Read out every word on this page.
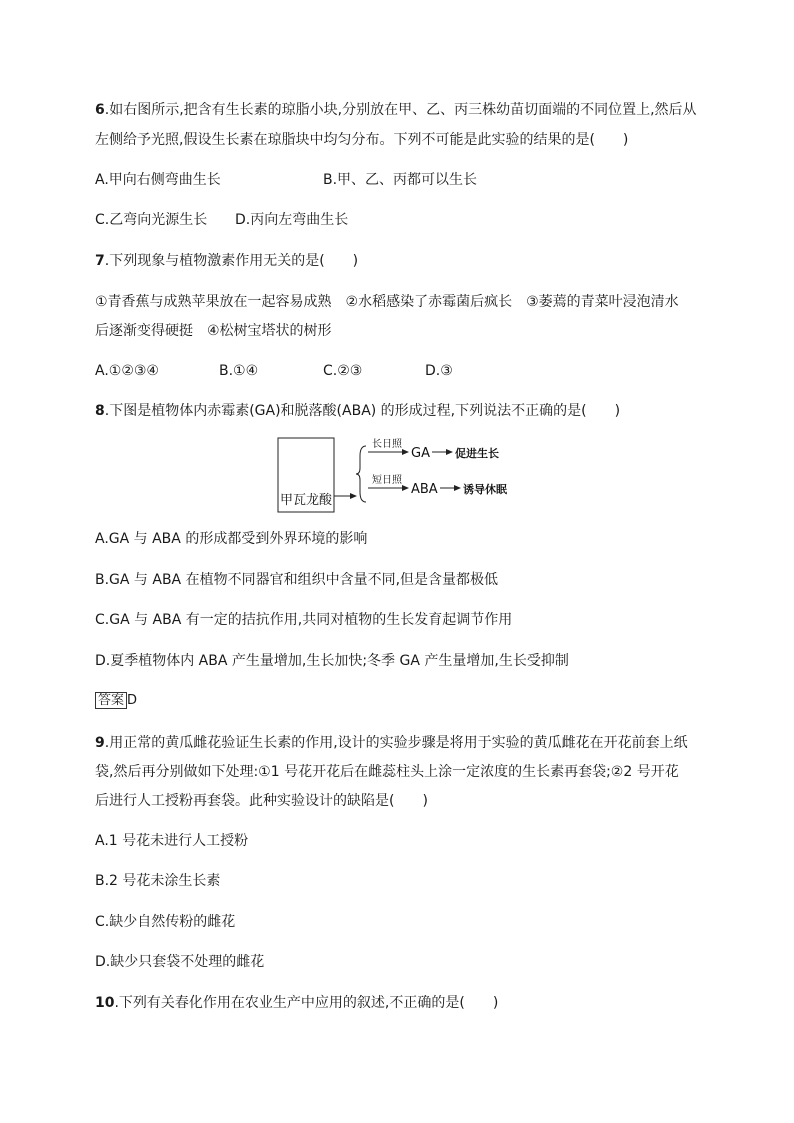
6.如右图所示,把含有生长素的琼脂小块,分别放在甲、乙、丙三株幼苗切面端的不同位置上,然后从
左侧给予光照,假设生长素在琼脂块中均匀分布。下列不可能是此实验的结果的是(　　)
A.甲向右侧弯曲生长	B.甲、乙、丙都可以生长
C.乙弯向光源生长 D.丙向左弯曲生长
7.下列现象与植物激素作用无关的是(　　)
①青香蕉与成熟苹果放在一起容易成熟　②水稻感染了赤霉菌后疯长　③萎蔫的青菜叶浸泡清水
后逐渐变得硬挺　④松树宝塔状的树形
A.①②③④	B.①④	C.②③	D.③
8.下图是植物体内赤霉素(GA)和脱落酸(ABA) 的形成过程,下列说法不正确的是(　　)
甲瓦龙酸
长日照
GA 促进生长
短日照
ABA 诱导休眠
A.GA 与 ABA 的形成都受到外界环境的影响
B.GA 与 ABA 在植物不同器官和组织中含量不同,但是含量都极低
C.GA 与 ABA 有一定的拮抗作用,共同对植物的生长发育起调节作用
D.夏季植物体内 ABA 产生量增加,生长加快;冬季 GA 产生量增加,生长受抑制
答案 D
9.用正常的黄瓜雌花验证生长素的作用,设计的实验步骤是将用于实验的黄瓜雌花在开花前套上纸
袋,然后再分别做如下处理:①1 号花开花后在雌蕊柱头上涂一定浓度的生长素再套袋;②2 号开花
后进行人工授粉再套袋。此种实验设计的缺陷是(　　)
A.1 号花未进行人工授粉
B.2 号花未涂生长素
C.缺少自然传粉的雌花
D.缺少只套袋不处理的雌花
10.下列有关春化作用在农业生产中应用的叙述,不正确的是(　　)
